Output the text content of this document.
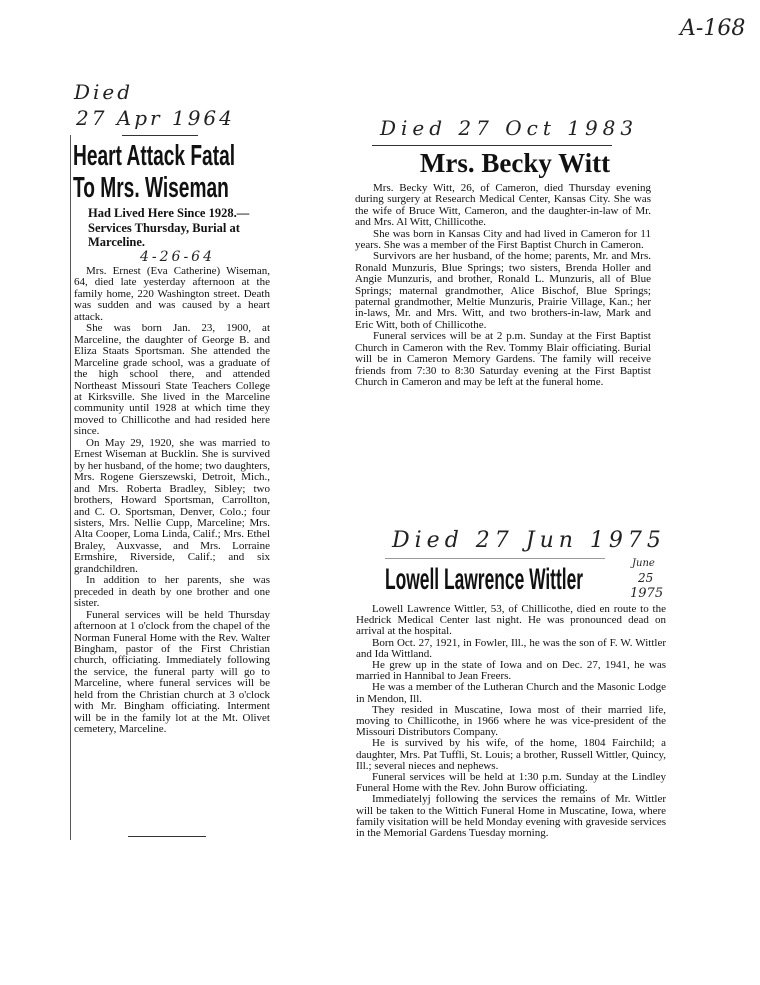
A-168
Died
27 Apr 1964
Heart Attack Fatal
To Mrs. Wiseman
Had Lived Here Since 1928.—Services Thursday, Burial at Marceline.
4-26-64

Mrs. Ernest (Eva Catherine) Wiseman, 64, died late yesterday afternoon at the family home, 220 Washington street. Death was sudden and was caused by a heart attack.

She was born Jan. 23, 1900, at Marceline, the daughter of George B. and Eliza Staats Sportsman. She attended the Marceline grade school, was a graduate of the high school there, and attended Northeast Missouri State Teachers College at Kirksville. She lived in the Marceline community until 1928 at which time they moved to Chillicothe and had resided here since.

On May 29, 1920, she was married to Ernest Wiseman at Bucklin. She is survived by her husband, of the home; two daughters, Mrs. Rogene Gierszewski, Detroit, Mich., and Mrs. Roberta Bradley, Sibley; two brothers, Howard Sportsman, Carrollton, and C. O. Sportsman, Denver, Colo.; four sisters, Mrs. Nellie Cupp, Marceline; Mrs. Alta Cooper, Loma Linda, Calif.; Mrs. Ethel Braley, Auxvasse, and Mrs. Lorraine Ermshire, Riverside, Calif.; and six grandchildren.

In addition to her parents, she was preceded in death by one brother and one sister.

Funeral services will be held Thursday afternoon at 1 o'clock from the chapel of the Norman Funeral Home with the Rev. Walter Bingham, pastor of the First Christian church, officiating. Immediately following the service, the funeral party will go to Marceline, where funeral services will be held from the Christian church at 3 o'clock with Mr. Bingham officiating. Interment will be in the family lot at the Mt. Olivet cemetery, Marceline.

Died 27 Oct 1983
Mrs. Becky Witt

Mrs. Becky Witt, 26, of Cameron, died Thursday evening during surgery at Research Medical Center, Kansas City. She was the wife of Bruce Witt, Cameron, and the daughter-in-law of Mr. and Mrs. Al Witt, Chillicothe.

She was born in Kansas City and had lived in Cameron for 11 years. She was a member of the First Baptist Church in Cameron.

Survivors are her husband, of the home; parents, Mr. and Mrs. Ronald Munzuris, Blue Springs; two sisters, Brenda Holler and Angie Munzuris, and brother, Ronald L. Munzuris, all of Blue Springs; maternal grandmother, Alice Bischof, Blue Springs; paternal grandmother, Meltie Munzuris, Prairie Village, Kan.; her in-laws, Mr. and Mrs. Witt, and two brothers-in-law, Mark and Eric Witt, both of Chillicothe.

Funeral services will be at 2 p.m. Sunday at the First Baptist Church in Cameron with the Rev. Tommy Blair officiating. Burial will be in Cameron Memory Gardens. The family will receive friends from 7:30 to 8:30 Saturday evening at the First Baptist Church in Cameron and may be left at the funeral home.

Died 27 Jun 1975
Lowell Lawrence Wittler	June
25
1975

Lowell Lawrence Wittler, 53, of Chillicothe, died en route to the Hedrick Medical Center last night. He was pronounced dead on arrival at the hospital.

Born Oct. 27, 1921, in Fowler, Ill., he was the son of F. W. Wittler and Ida Wittland.

He grew up in the state of Iowa and on Dec. 27, 1941, he was married in Hannibal to Jean Freers.

He was a member of the Lutheran Church and the Masonic Lodge in Mendon, Ill.

They resided in Muscatine, Iowa most of their married life, moving to Chillicothe, in 1966 where he was vice-president of the Missouri Distributors Company.

He is survived by his wife, of the home, 1804 Fairchild; a daughter, Mrs. Pat Tuffli, St. Louis; a brother, Russell Wittler, Quincy, Ill.; several nieces and nephews.

Funeral services will be held at 1:30 p.m. Sunday at the Lindley Funeral Home with the Rev. John Burow officiating.

Immediatelyj following the services the remains of Mr. Wittler will be taken to the Wittich Funeral Home in Muscatine, Iowa, where family visitation will be held Monday evening with graveside services in the Memorial Gardens Tuesday morning.
